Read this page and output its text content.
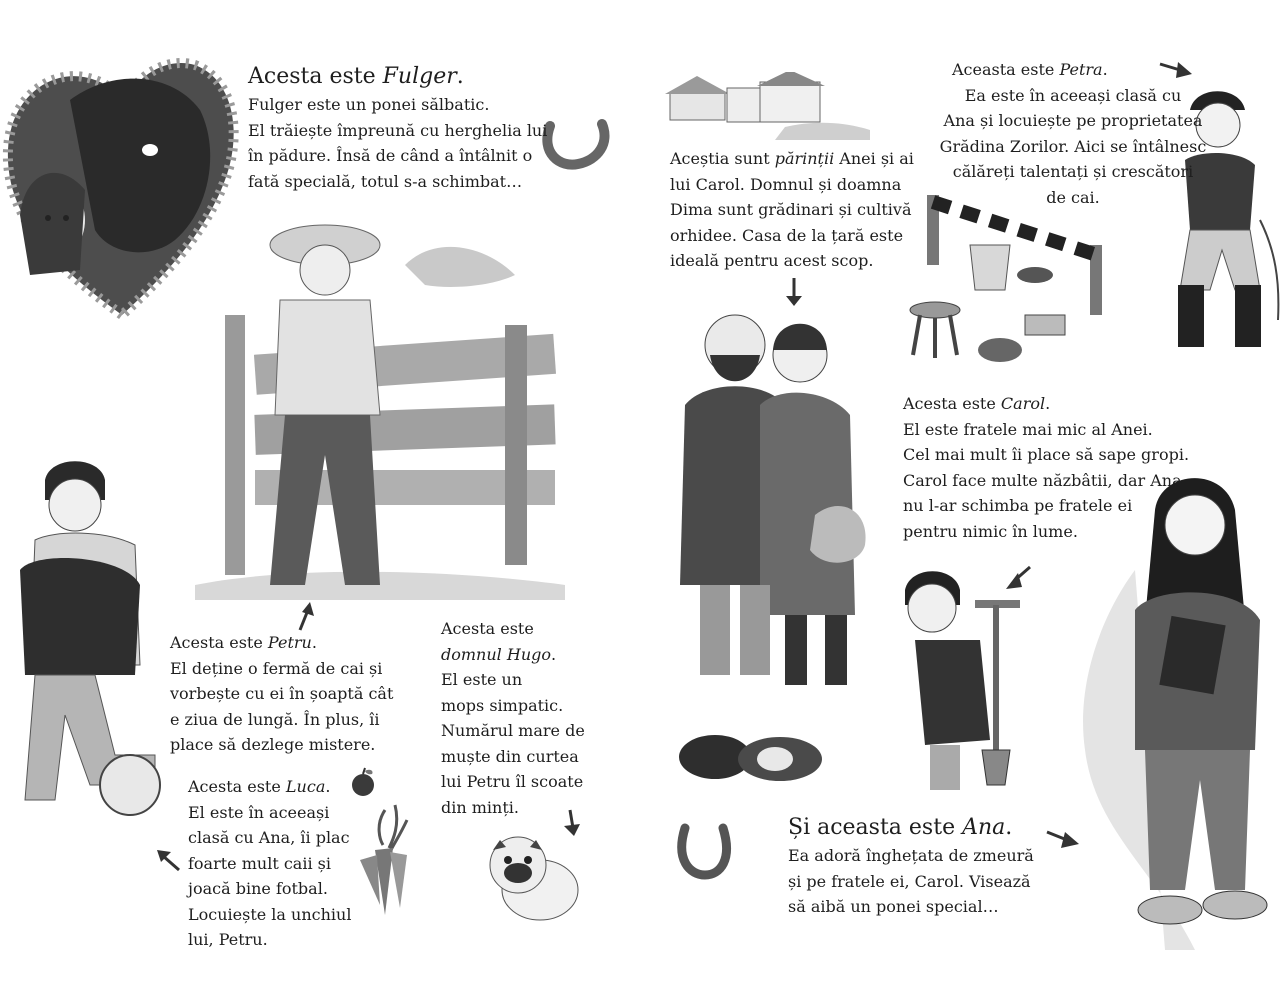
Acesta este Fulger.
Fulger este un ponei sălbatic.
El trăiește împreună cu herghelia lui
în pădure. Însă de când a întâlnit o
fată specială, totul s-a schimbat…
Aceștia sunt părinții Anei și ai
lui Carol. Domnul și doamna
Dima sunt grădinari și cultivă
orhidee. Casa de la țară este
ideală pentru acest scop.
Aceasta este Petra.
Ea este în aceeași clasă cu
Ana și locuiește pe proprietatea
Grădina Zorilor. Aici se întâlnesc
călăreți talentați și crescători
de cai.
Acesta este Carol.
El este fratele mai mic al Anei.
Cel mai mult îi place să sape gropi.
Carol face multe năzbâtii, dar Ana
nu l-ar schimba pe fratele ei
pentru nimic în lume.
Acesta este Petru.
El deține o fermă de cai și
vorbește cu ei în șoaptă cât
e ziua de lungă. În plus, îi
place să dezlege mistere.
Acesta este
domnul Hugo.
El este un
mops simpatic.
Numărul mare de
muște din curtea
lui Petru îl scoate
din minți.
Acesta este Luca.
El este în aceeași
clasă cu Ana, îi plac
foarte mult caii și
joacă bine fotbal.
Locuiește la unchiul
lui, Petru.
Și aceasta este Ana.
Ea adoră înghețata de zmeură
și pe fratele ei, Carol. Visează
să aibă un ponei special…
